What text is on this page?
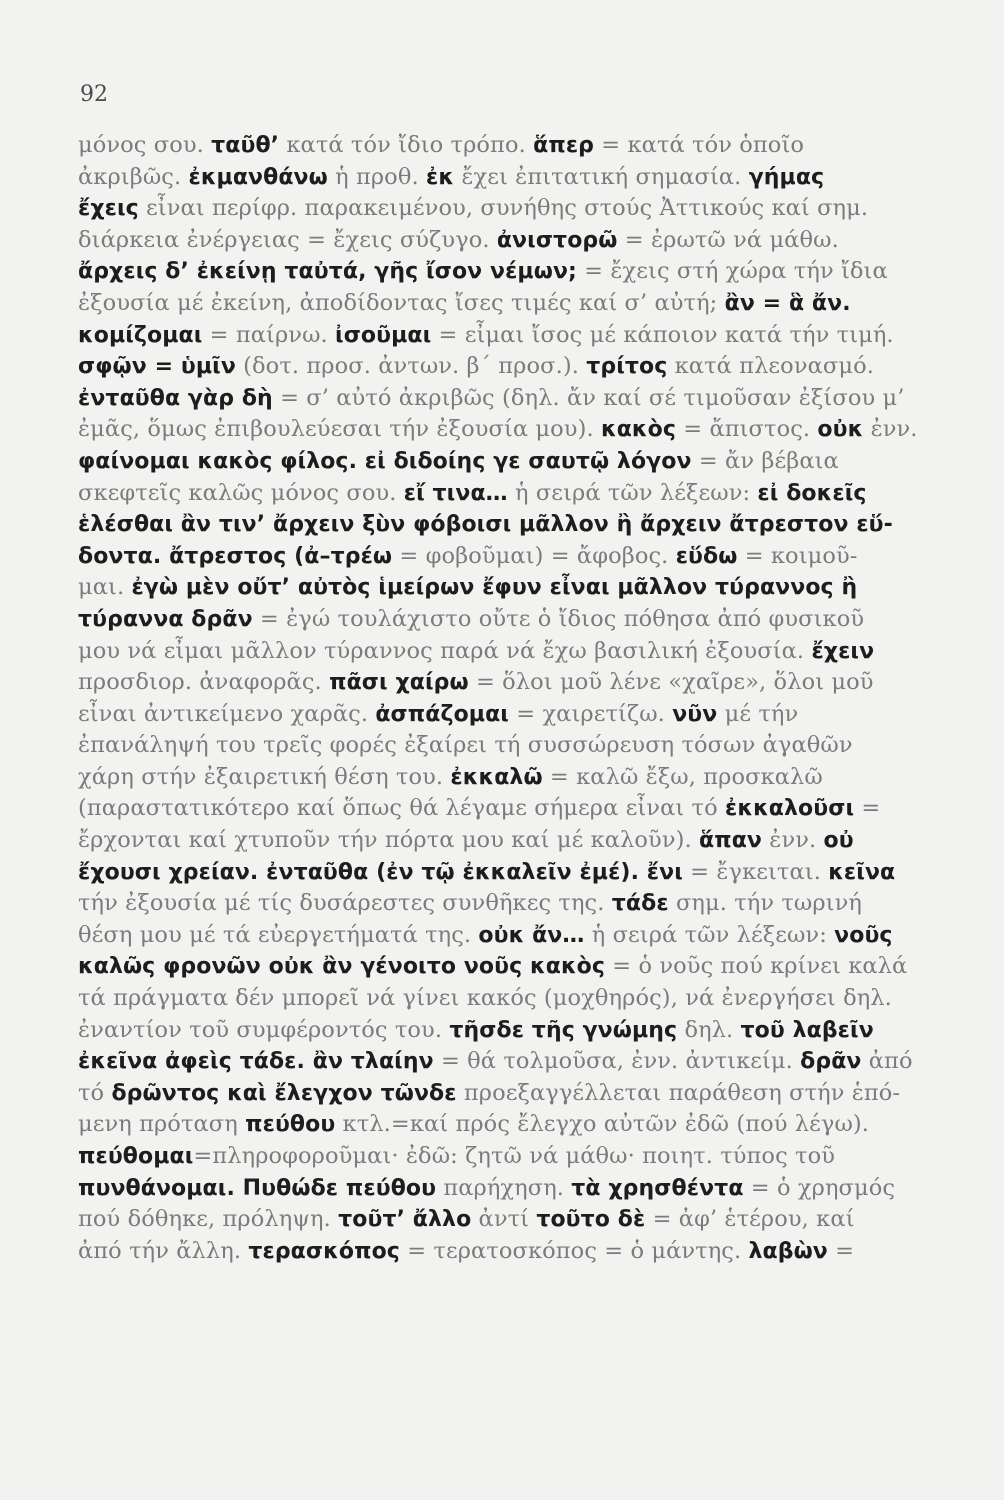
92
μόνος σου. ταῦθ’ κατά τόν ἴδιο τρόπο. ἅπερ = κατά τόν ὁποῖο
ἀκριβῶς. ἐκμανθάνω ἡ προθ. ἐκ ἔχει ἐπιτατική σημασία. γήμας
ἔχεις εἶναι περίφρ. παρακειμένου, συνήθης στούς Ἀττικούς καί σημ.
διάρκεια ἐνέργειας = ἔχεις σύζυγο. ἀνιστορῶ = ἐρωτῶ νά μάθω.
ἄρχεις δ’ ἐκείνῃ ταὐτά, γῆς ἴσον νέμων; = ἔχεις στή χώρα τήν ἴδια
ἐξουσία μέ ἐκείνη, ἀποδίδοντας ἴσες τιμές καί σ’ αὐτή; ἂν = ἃ ἄν.
κομίζομαι = παίρνω. ἰσοῦμαι = εἶμαι ἴσος μέ κάποιον κατά τήν τιμή.
σφῷν = ὑμῖν (δοτ. προσ. ἀντων. β΄ προσ.). τρίτος κατά πλεονασμό.
ἐνταῦθα γὰρ δὴ = σ’ αὐτό ἀκριβῶς (δηλ. ἄν καί σέ τιμοῦσαν ἐξίσου μ’
ἐμᾶς, ὅμως ἐπιβουλεύεσαι τήν ἐξουσία μου). κακὸς = ἄπιστος. οὐκ ἐνν.
φαίνομαι κακὸς φίλος. εἰ διδοίης γε σαυτῷ λόγον = ἄν βέβαια
σκεφτεῖς καλῶς μόνος σου. εἴ τινα… ἡ σειρά τῶν λέξεων: εἰ δοκεῖς
ἑλέσθαι ἂν τιν’ ἄρχειν ξὺν φόβοισι μᾶλλον ἢ ἄρχειν ἄτρεστον εὕ-
δοντα. ἄτρεστος (ἀ–τρέω = φοβοῦμαι) = ἄφοβος. εὕδω = κοιμοῦ-
μαι. ἐγὼ μὲν οὔτ’ αὐτὸς ἱμείρων ἔφυν εἶναι μᾶλλον τύραννος ἢ
τύραννα δρᾶν = ἐγώ τουλάχιστο οὔτε ὁ ἴδιος πόθησα ἀπό φυσικοῦ
μου νά εἶμαι μᾶλλον τύραννος παρά νά ἔχω βασιλική ἐξουσία. ἔχειν
προσδιορ. ἀναφορᾶς. πᾶσι χαίρω = ὅλοι μοῦ λένε «χαῖρε», ὅλοι μοῦ
εἶναι ἀντικείμενο χαρᾶς. ἀσπάζομαι = χαιρετίζω. νῦν μέ τήν
ἐπανάληψή του τρεῖς φορές ἐξαίρει τή συσσώρευση τόσων ἀγαθῶν
χάρη στήν ἐξαιρετική θέση του. ἐκκαλῶ = καλῶ ἔξω, προσκαλῶ
(παραστατικότερο καί ὅπως θά λέγαμε σήμερα εἶναι τό ἐκκαλοῦσι =
ἔρχονται καί χτυποῦν τήν πόρτα μου καί μέ καλοῦν). ἅπαν ἐνν. οὐ
ἔχουσι χρείαν. ἐνταῦθα (ἐν τῷ ἐκκαλεῖν ἐμέ). ἔνι = ἔγκειται. κεῖνα
τήν ἐξουσία μέ τίς δυσάρεστες συνθῆκες της. τάδε σημ. τήν τωρινή
θέση μου μέ τά εὐεργετήματά της. οὐκ ἄν… ἡ σειρά τῶν λέξεων: νοῦς
καλῶς φρονῶν οὐκ ἂν γένοιτο νοῦς κακὸς = ὁ νοῦς πού κρίνει καλά
τά πράγματα δέν μπορεῖ νά γίνει κακός (μοχθηρός), νά ἐνεργήσει δηλ.
ἐναντίον τοῦ συμφέροντός του. τῆσδε τῆς γνώμης δηλ. τοῦ λαβεῖν
ἐκεῖνα ἀφεὶς τάδε. ἂν τλαίην = θά τολμοῦσα, ἐνν. ἀντικείμ. δρᾶν ἀπό
τό δρῶντος καὶ ἔλεγχον τῶνδε προεξαγγέλλεται παράθεση στήν ἑπό-
μενη πρόταση πεύθου κτλ.=καί πρός ἔλεγχο αὐτῶν ἐδῶ (πού λέγω).
πεύθομαι=πληροφοροῦμαι· ἐδῶ: ζητῶ νά μάθω· ποιητ. τύπος τοῦ
πυνθάνομαι. Πυθώδε πεύθου παρήχηση. τὰ χρησθέντα = ὁ χρησμός
πού δόθηκε, πρόληψη. τοῦτ’ ἄλλο ἀντί τοῦτο δὲ = ἀφ’ ἑτέρου, καί
ἀπό τήν ἄλλη. τερασκόπος = τερατοσκόπος = ὁ μάντης. λαβὼν =
